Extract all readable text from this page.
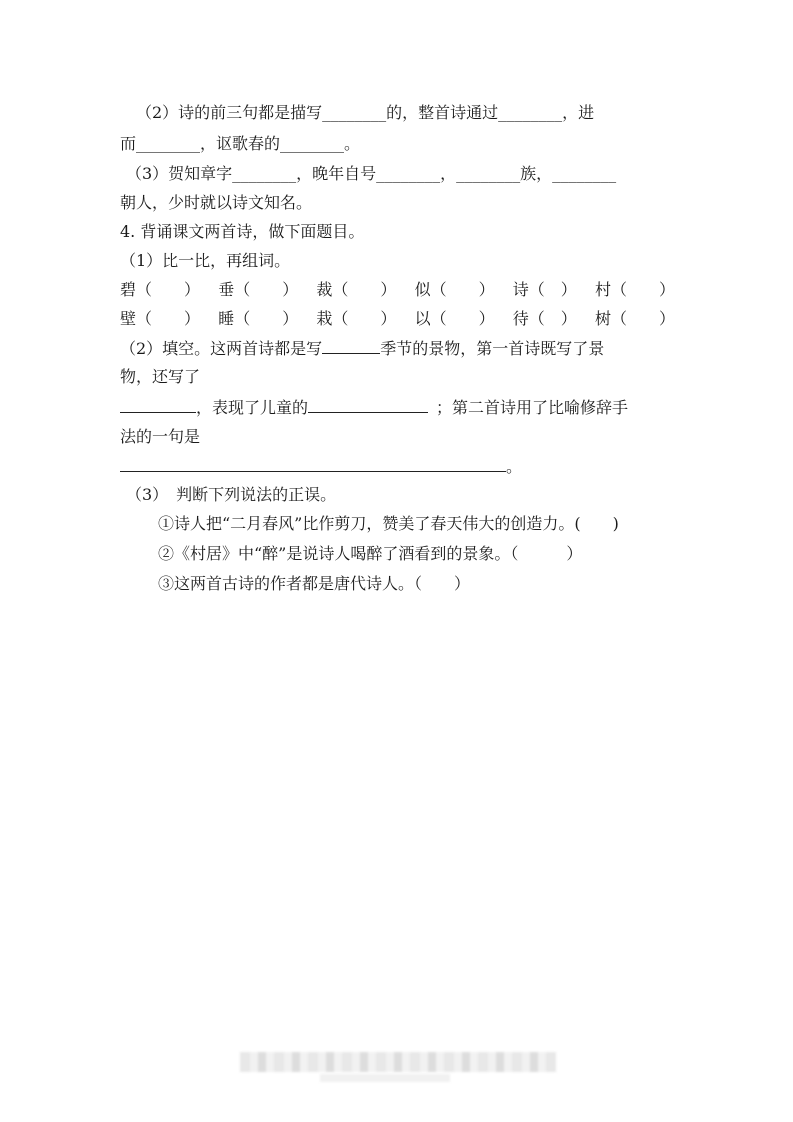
（2）诗的前三句都是描写________的，整首诗通过________，进
而________，讴歌春的________。
（3）贺知章字________，晚年自号________，________族，________
朝人，少时就以诗文知名。
4. 背诵课文两首诗，做下面题目。
（1）比一比，再组词。
碧（　　） 垂（　　） 裁（　　） 似（　　） 诗（　） 村（　　）
壁（　　） 睡（　　） 栽（　　） 以（　　） 待（　） 树（　　）
（2）填空。这两首诗都是写	季节的景物，第一首诗既写了景
物，还写了
，表现了儿童的	；第二首诗用了比喻修辞手
法的一句是
。
（3）　判断下列说法的正误。
①诗人把“二月春风”比作剪刀，赞美了春天伟大的创造力。(　　)
②《村居》中“醉”是说诗人喝醉了酒看到的景象。（　　　）
③这两首古诗的作者都是唐代诗人。（　　）
